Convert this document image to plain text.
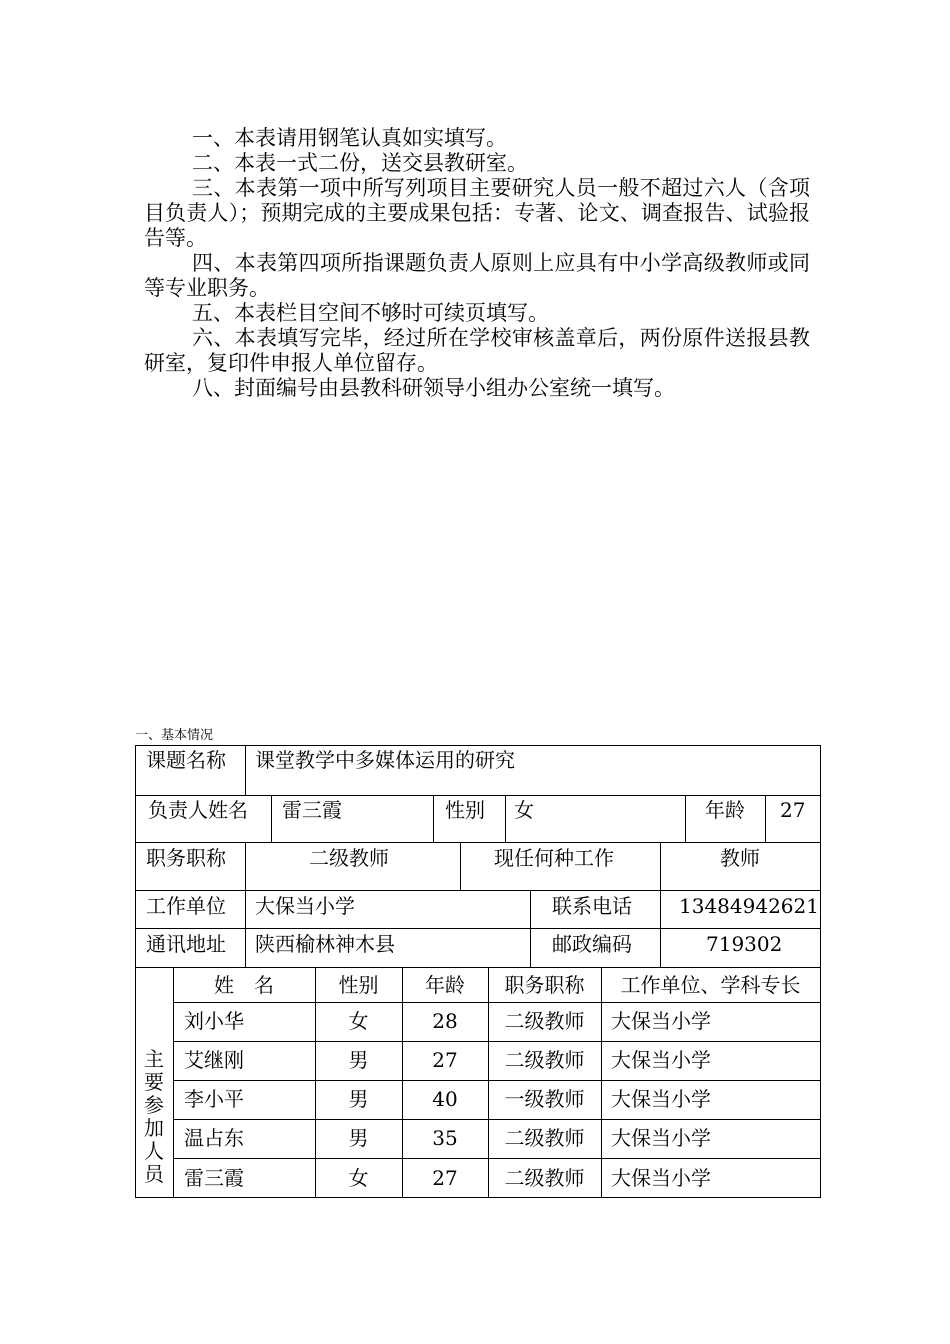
一、本表请用钢笔认真如实填写。

二、本表一式二份，送交县教研室。

三、本表第一项中所写列项目主要研究人员一般不超过六人（含项目负责人）；预期完成的主要成果包括：专著、论文、调查报告、试验报告等。

四、本表第四项所指课题负责人原则上应具有中小学高级教师或同等专业职务。

五、本表栏目空间不够时可续页填写。

六、本表填写完毕，经过所在学校审核盖章后，两份原件送报县教研室，复印件申报人单位留存。

八、封面编号由县教科研领导小组办公室统一填写。

一、基本情况
课题名称 课堂教学中多媒体运用的研究
负责人姓名 雷三霞	性别 女	年龄 27
职务职称	二级教师	现任何种工作	教师
工作单位 大保当小学	联系电话 13484942621
通讯地址 陕西榆林神木县	邮政编码	719302
主
要
参
加
人
员
姓　名	性别	年龄	职务职称	工作单位、学科专长
刘小华	女	28	二级教师	大保当小学
艾继刚	男	27	二级教师	大保当小学
李小平	男	40	一级教师	大保当小学
温占东	男	35	二级教师	大保当小学
雷三霞	女	27	二级教师	大保当小学
